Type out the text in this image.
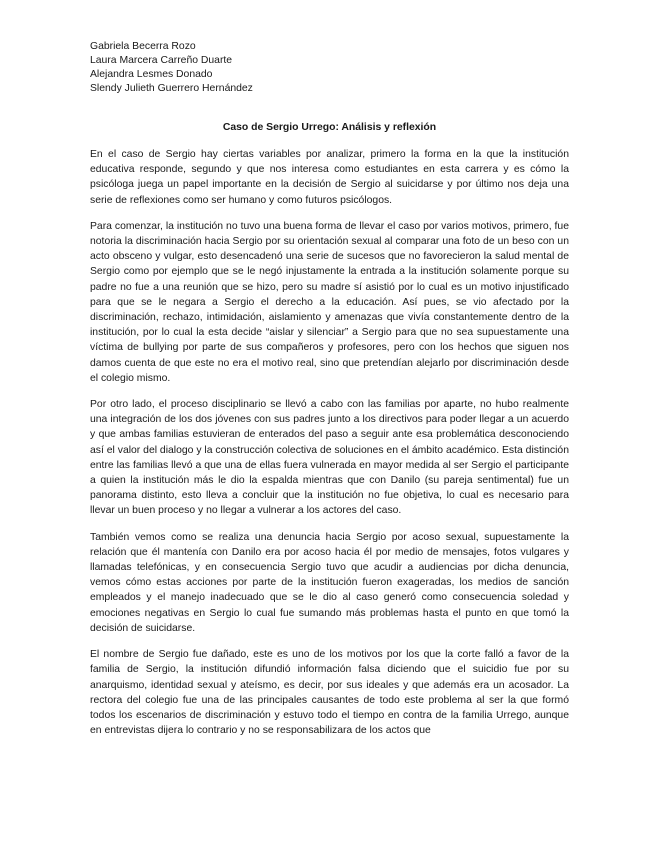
Gabriela Becerra Rozo
Laura Marcera Carreño Duarte
Alejandra Lesmes Donado
Slendy Julieth Guerrero Hernández
Caso de Sergio Urrego: Análisis y reflexión

En el caso de Sergio hay ciertas variables por analizar, primero la forma en la que la institución educativa responde, segundo y que nos interesa como estudiantes en esta carrera y es cómo la psicóloga juega un papel importante en la decisión de Sergio al suicidarse y por último nos deja una serie de reflexiones como ser humano y como futuros psicólogos.

Para comenzar, la institución no tuvo una buena forma de llevar el caso por varios motivos, primero, fue notoria la discriminación hacia Sergio por su orientación sexual al comparar una foto de un beso con un acto obsceno y vulgar, esto desencadenó una serie de sucesos que no favorecieron la salud mental de Sergio como por ejemplo que se le negó injustamente la entrada a la institución solamente porque su padre no fue a una reunión que se hizo, pero su madre sí asistió por lo cual es un motivo injustificado para que se le negara a Sergio el derecho a la educación. Así pues, se vio afectado por la discriminación, rechazo, intimidación, aislamiento y amenazas que vivía constantemente dentro de la institución, por lo cual la esta decide “aislar y silenciar” a Sergio para que no sea supuestamente una víctima de bullying por parte de sus compañeros y profesores, pero con los hechos que siguen nos damos cuenta de que este no era el motivo real, sino que pretendían alejarlo por discriminación desde el colegio mismo.

Por otro lado, el proceso disciplinario se llevó a cabo con las familias por aparte, no hubo realmente una integración de los dos jóvenes con sus padres junto a los directivos para poder llegar a un acuerdo y que ambas familias estuvieran de enterados del paso a seguir ante esa problemática desconociendo así el valor del dialogo y la construcción colectiva de soluciones en el ámbito académico. Esta distinción entre las familias llevó a que una de ellas fuera vulnerada en mayor medida al ser Sergio el participante a quien la institución más le dio la espalda mientras que con Danilo (su pareja sentimental) fue un panorama distinto, esto lleva a concluir que la institución no fue objetiva, lo cual es necesario para llevar un buen proceso y no llegar a vulnerar a los actores del caso.

También vemos como se realiza una denuncia hacia Sergio por acoso sexual, supuestamente la relación que él mantenía con Danilo era por acoso hacia él por medio de mensajes, fotos vulgares y llamadas telefónicas, y en consecuencia Sergio tuvo que acudir a audiencias por dicha denuncia, vemos cómo estas acciones por parte de la institución fueron exageradas, los medios de sanción empleados y el manejo inadecuado que se le dio al caso generó como consecuencia soledad y emociones negativas en Sergio lo cual fue sumando más problemas hasta el punto en que tomó la decisión de suicidarse.

El nombre de Sergio fue dañado, este es uno de los motivos por los que la corte falló a favor de la familia de Sergio, la institución difundió información falsa diciendo que el suicidio fue por su anarquismo, identidad sexual y ateísmo, es decir, por sus ideales y que además era un acosador. La rectora del colegio fue una de las principales causantes de todo este problema al ser la que formó todos los escenarios de discriminación y estuvo todo el tiempo en contra de la familia Urrego, aunque en entrevistas dijera lo contrario y no se responsabilizara de los actos que
